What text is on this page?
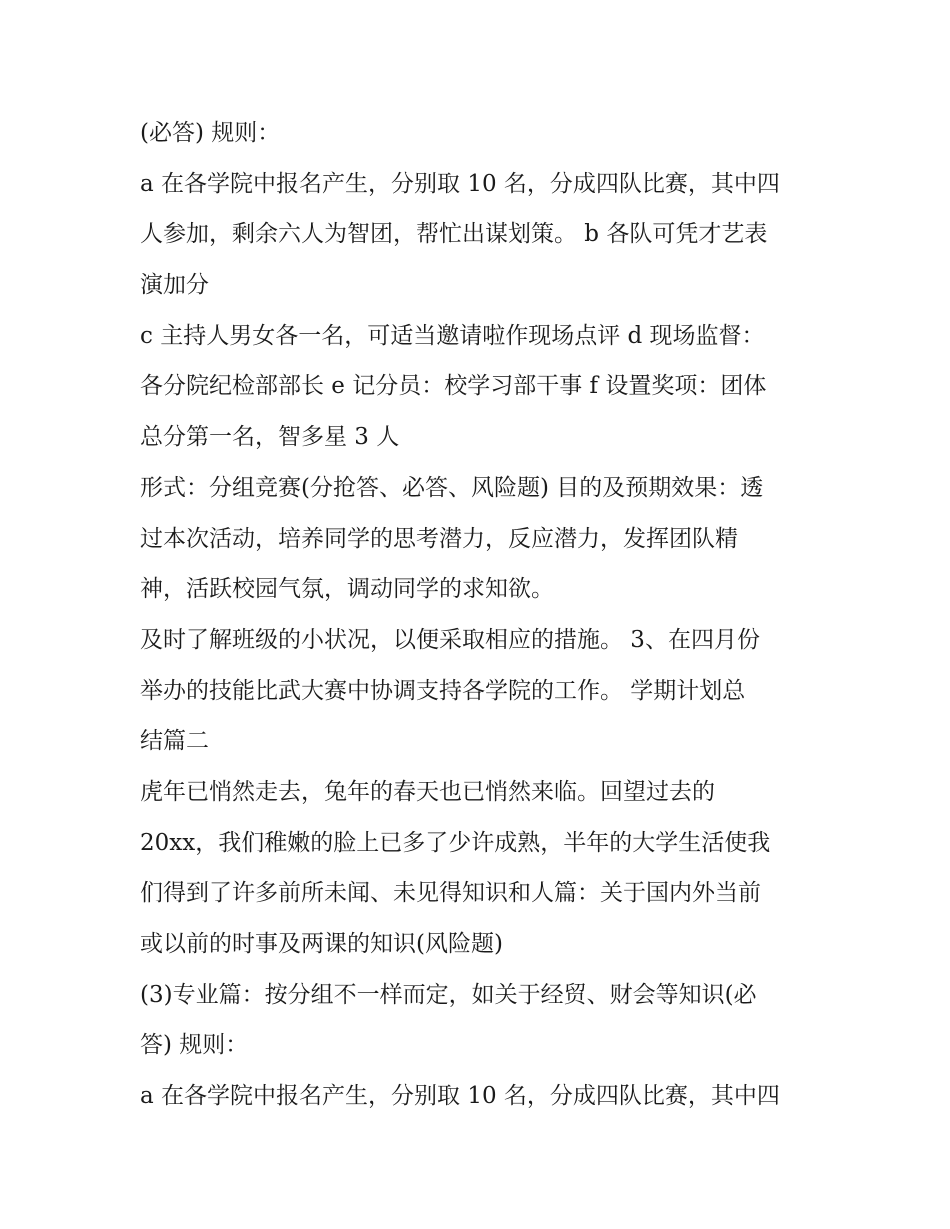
(必答) 规则：
a 在各学院中报名产生，分别取 10 名，分成四队比赛，其中四
人参加，剩余六人为智团，帮忙出谋划策。 b 各队可凭才艺表
演加分
c 主持人男女各一名，可适当邀请啦作现场点评 d 现场监督：
各分院纪检部部长 e 记分员：校学习部干事 f 设置奖项：团体
总分第一名，智多星 3 人
形式：分组竞赛(分抢答、必答、风险题) 目的及预期效果：透
过本次活动，培养同学的思考潜力，反应潜力，发挥团队精
神，活跃校园气氛，调动同学的求知欲。
及时了解班级的小状况，以便采取相应的措施。 3、在四月份
举办的技能比武大赛中协调支持各学院的工作。 学期计划总
结篇二
虎年已悄然走去，兔年的春天也已悄然来临。回望过去的
20xx，我们稚嫩的脸上已多了少许成熟，半年的大学生活使我
们得到了许多前所未闻、未见得知识和人篇：关于国内外当前
或以前的时事及两课的知识(风险题)
(3)专业篇：按分组不一样而定，如关于经贸、财会等知识(必
答) 规则：
a 在各学院中报名产生，分别取 10 名，分成四队比赛，其中四
